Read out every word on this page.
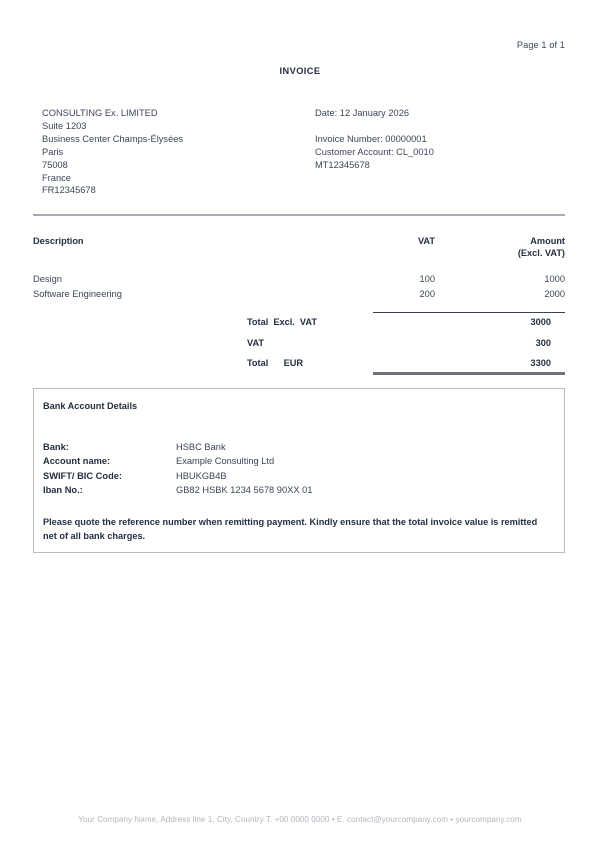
Page 1 of 1
INVOICE
CONSULTING Ex. LIMITED
Suite 1203
Business Center Champs-Élysées
Paris
75008
France
FR12345678
Date: 12 January 2026
Invoice Number: 00000001
Customer Account: CL_0010
MT12345678
Description	VAT	Amount
(Excl. VAT)

Design	100	1000
Software Engineering	200	2000
Total  Excl.  VAT	3000
VAT	300
Total      EUR	3300
Bank Account Details
Bank:	HSBC Bank
Account name:	Example Consulting Ltd
SWIFT/ BIC Code:	HBUKGB4B
Iban No.:	GB82 HSBK 1234 5678 90XX 01
Please quote the reference number when remitting payment. Kindly ensure that the total invoice value is remitted net of all bank charges.
Your Company Name, Address line 1, City, Country T. +00 0000 0000 • E. contact@yourcompany.com • yourcompany.com
